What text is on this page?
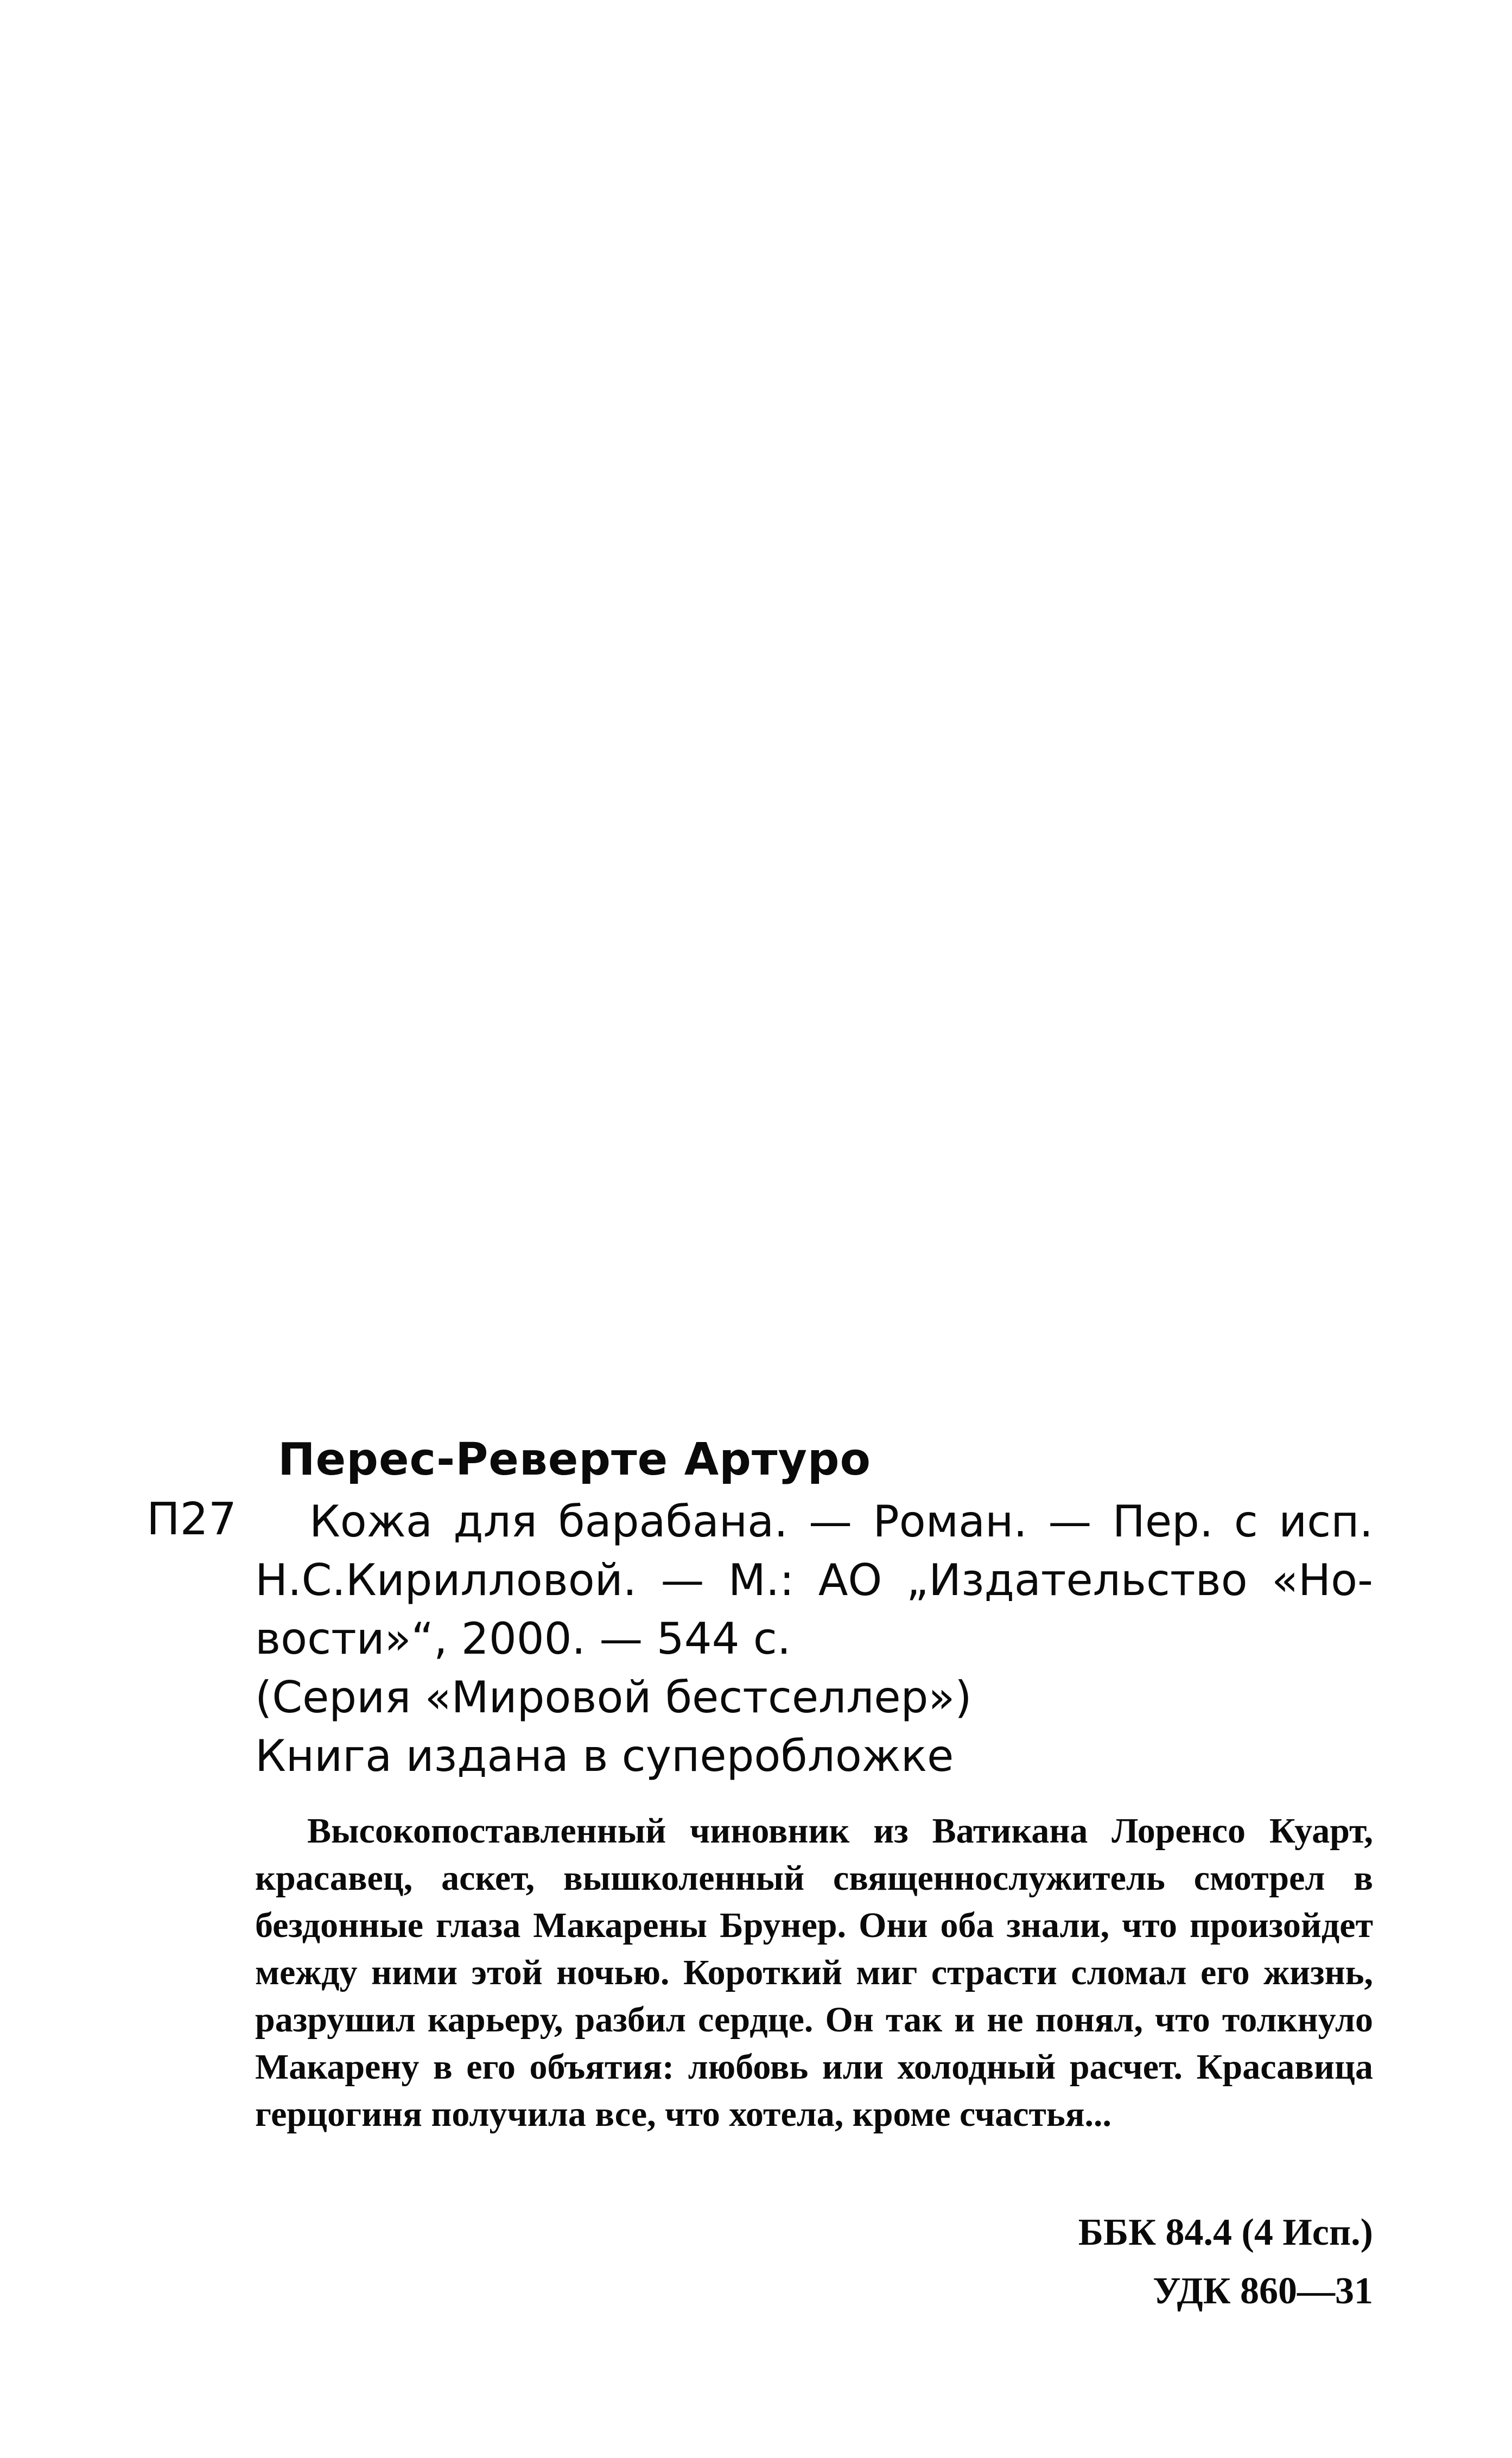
Перес-Реверте Артуро
П27	Кожа для барабана. — Роман. — Пер. с исп.
Н.С.Кирилловой. — М.: АО „Издательство «Но-
вости»“, 2000. — 544 с.
(Серия «Мировой бестселлер»)
Книга издана в суперобложке
Высокопоставленный чиновник из Ватикана Лоренсо Куарт, красавец, аскет, вышколенный священнослужитель смотрел в бездонные глаза Макарены Брунер. Они оба знали, что произойдет между ними этой ночью. Короткий миг страсти сломал его жизнь, разрушил карьеру, разбил сердце. Он так и не понял, что толкнуло Макарену в его объятия: любовь или холодный расчет. Красавица герцогиня получила все, что хотела, кроме счастья...
ББК 84.4 (4 Исп.)
УДК 860—31
